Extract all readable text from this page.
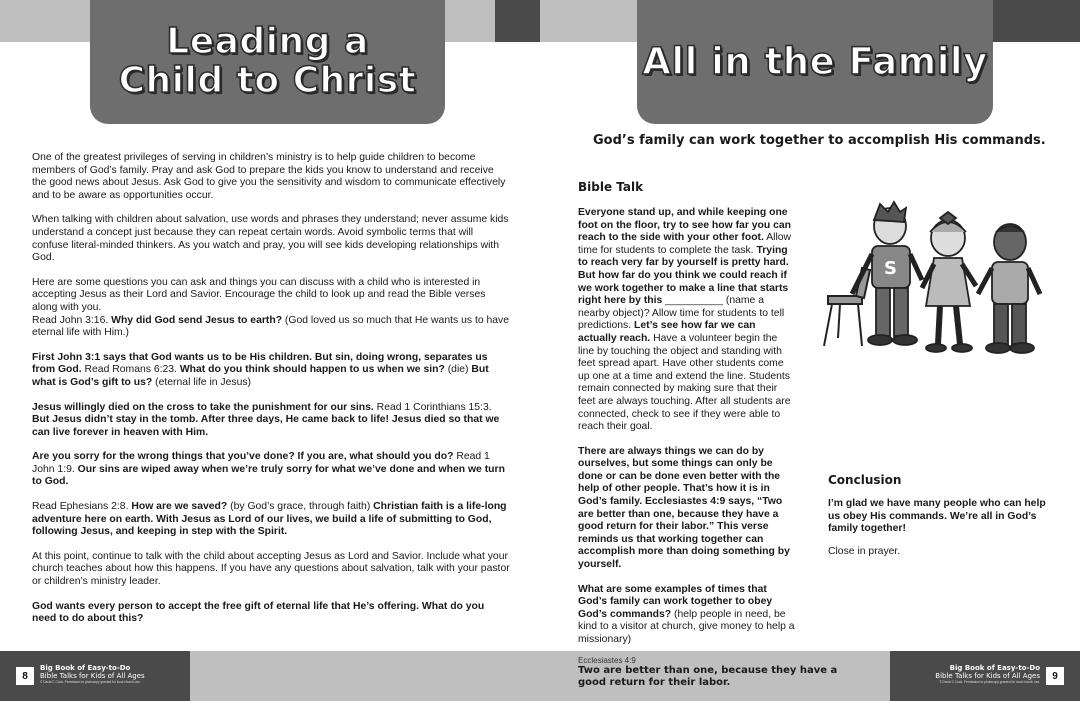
Leading a
Child to Christ	All in the Family

One of the greatest privileges of serving in children’s ministry is to help guide children to become members of God’s family. Pray and ask God to prepare the kids you know to understand and receive the good news about Jesus. Ask God to give you the sensitivity and wisdom to communicate effectively and to be aware as opportunities occur.

When talking with children about salvation, use words and phrases they understand; never assume kids understand a concept just because they can repeat certain words. Avoid symbolic terms that will confuse literal-minded thinkers. As you watch and pray, you will see kids developing relationships with God.

Here are some questions you can ask and things you can discuss with a child who is interested in accepting Jesus as their Lord and Savior. Encourage the child to look up and read the Bible verses along with you.

Read John 3:16. Why did God send Jesus to earth? (God loved us so much that He wants us to have eternal life with Him.)

First John 3:1 says that God wants us to be His children. But sin, doing wrong, separates us from God. Read Romans 6:23. What do you think should happen to us when we sin? (die) But what is God’s gift to us? (eternal life in Jesus)

Jesus willingly died on the cross to take the punishment for our sins. Read 1 Corinthians 15:3. But Jesus didn’t stay in the tomb. After three days, He came back to life! Jesus died so that we can live forever in heaven with Him.

Are you sorry for the wrong things that you’ve done? If you are, what should you do? Read 1 John 1:9. Our sins are wiped away when we’re truly sorry for what we’ve done and when we turn to God.

Read Ephesians 2:8. How are we saved? (by God’s grace, through faith) Christian faith is a life-long adventure here on earth. With Jesus as Lord of our lives, we build a life of submitting to God, following Jesus, and keeping in step with the Spirit.

At this point, continue to talk with the child about accepting Jesus as Lord and Savior. Include what your church teaches about how this happens. If you have any questions about salvation, talk with your pastor or children’s ministry leader.

God wants every person to accept the free gift of eternal life that He’s offering. What do you need to do about this?

God’s family can work together to accomplish His commands.
Bible Talk

Everyone stand up, and while keeping one foot on the floor, try to see how far you can reach to the side with your other foot. Allow time for students to complete the task. Trying to reach very far by yourself is pretty hard. But how far do you think we could reach if we work together to make a line that starts right here by this __________ (name a nearby object)? Allow time for students to tell predictions. Let’s see how far we can actually reach. Have a volunteer begin the line by touching the object and standing with feet spread apart. Have other students come up one at a time and extend the line. Students remain connected by making sure that their feet are always touching. After all students are connected, check to see if they were able to reach their goal.

There are always things we can do by ourselves, but some things can only be done or can be done even better with the help of other people. That’s how it is in God’s family. Ecclesiastes 4:9 says, “Two are better than one, because they have a good return for their labor.” This verse reminds us that working together can accomplish more than doing something by yourself.

What are some examples of times that God’s family can work together to obey God’s commands? (help people in need, be kind to a visitor at church, give money to help a missionary)

S
Conclusion

I’m glad we have many people who can help us obey His commands. We’re all in God’s family together!

Close in prayer.

8
Big Book of Easy-to-Do
Bible Talks for Kids of All Ages
© David C Cook. Permission to photocopy granted for local church use.
Ecclesiastes 4:9
Two are better than one, because they have a
good return for their labor.
Big Book of Easy-to-Do
Bible Talks for Kids of All Ages
© David C Cook. Permission to photocopy granted for local church use.
9
